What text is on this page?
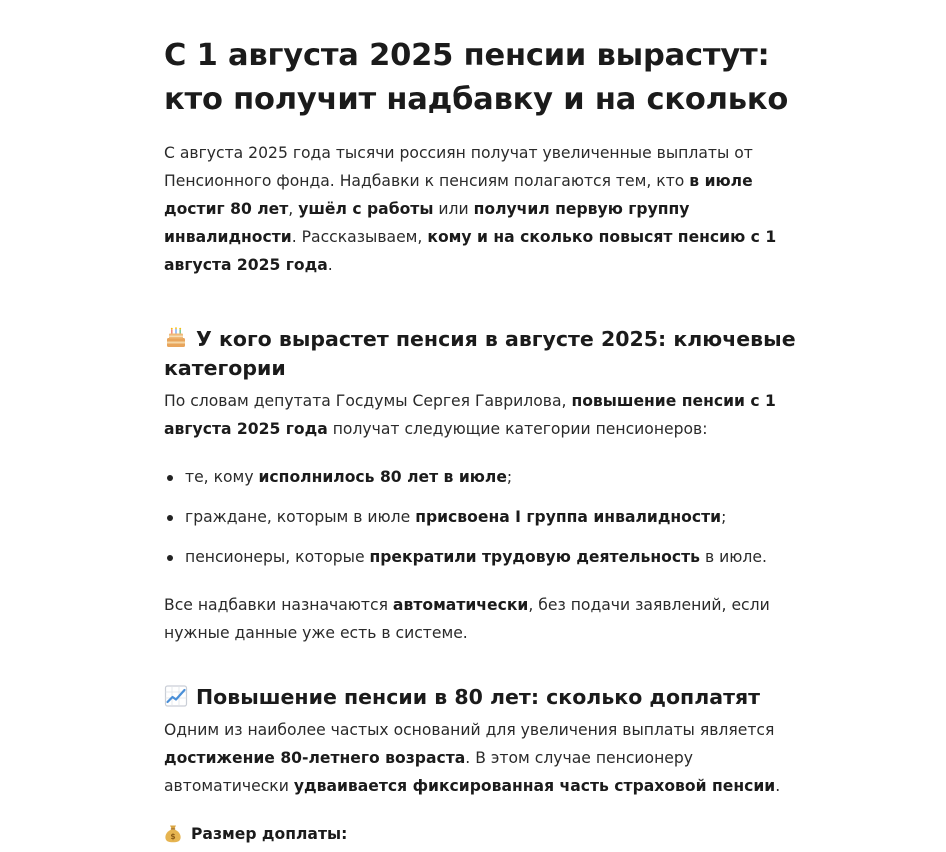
С 1 августа 2025 пенсии вырастут: кто получит надбавку и на сколько

С августа 2025 года тысячи россиян получат увеличенные выплаты от Пенсионного фонда. Надбавки к пенсиям полагаются тем, кто в июле достиг 80 лет, ушёл с работы или получил первую группу инвалидности. Рассказываем, кому и на сколько повысят пенсию с 1 августа 2025 года.

У кого вырастет пенсия в августе 2025: ключевые категории

По словам депутата Госдумы Сергея Гаврилова, повышение пенсии с 1 августа 2025 года получат следующие категории пенсионеров:

те, кому исполнилось 80 лет в июле;
граждане, которым в июле присвоена I группа инвалидности;
пенсионеры, которые прекратили трудовую деятельность в июле.

Все надбавки назначаются автоматически, без подачи заявлений, если нужные данные уже есть в системе.

Повышение пенсии в 80 лет: сколько доплатят

Одним из наиболее частых оснований для увеличения выплаты является достижение 80-летнего возраста. В этом случае пенсионеру автоматически удваивается фиксированная часть страховой пенсии.

$ Размер доплаты:
